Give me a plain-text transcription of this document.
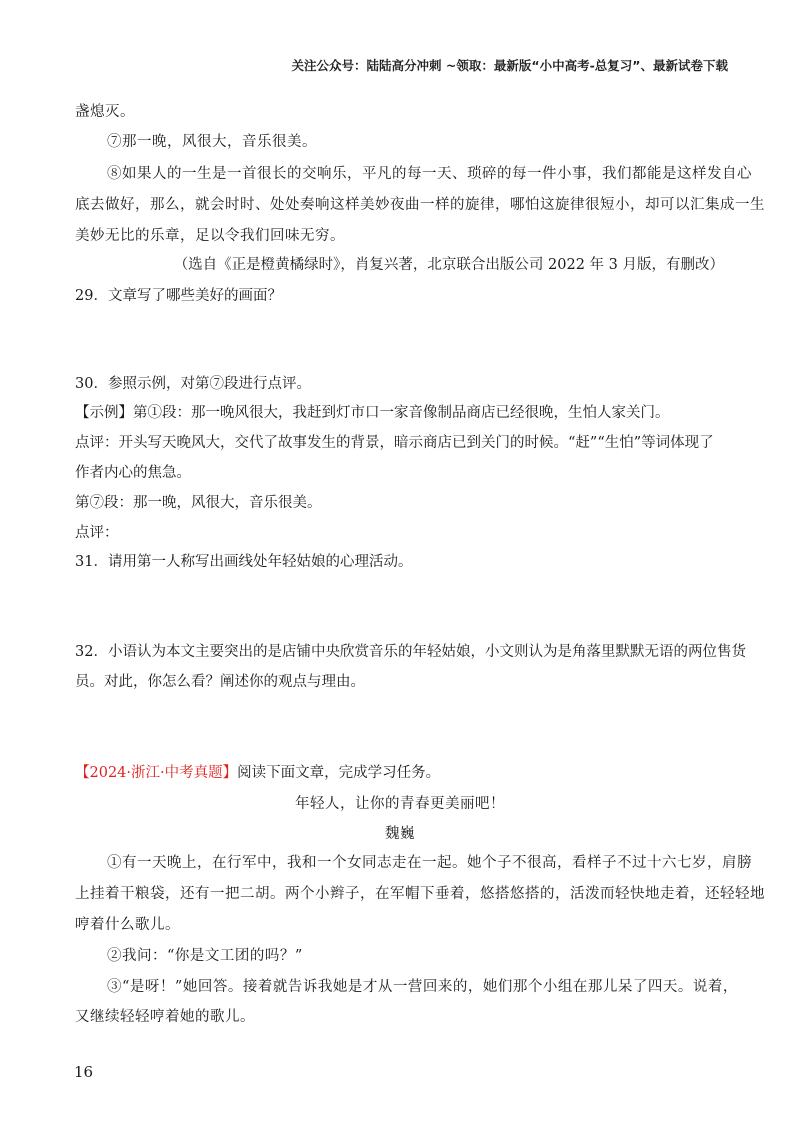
关注公众号：陆陆高分冲刺 ~领取：最新版“小中高考-总复习”、最新试卷下载
盏熄灭。
⑦那一晚，风很大，音乐很美。
⑧如果人的一生是一首很长的交响乐，平凡的每一天、琐碎的每一件小事，我们都能是这样发自心
底去做好，那么，就会时时、处处奏响这样美妙夜曲一样的旋律，哪怕这旋律很短小，却可以汇集成一生
美妙无比的乐章，足以令我们回味无穷。
（选自《正是橙黄橘绿时》，肖复兴著，北京联合出版公司 2022 年 3 月版，有删改）
29．文章写了哪些美好的画面？
30．参照示例，对第⑦段进行点评。
【示例】第①段：那一晚风很大，我赶到灯市口一家音像制品商店已经很晚，生怕人家关门。
点评：开头写天晚风大，交代了故事发生的背景，暗示商店已到关门的时候。“赶”“生怕”等词体现了
作者内心的焦急。
第⑦段：那一晚，风很大，音乐很美。
点评：
31．请用第一人称写出画线处年轻姑娘的心理活动。
32．小语认为本文主要突出的是店铺中央欣赏音乐的年轻姑娘，小文则认为是角落里默默无语的两位售货
员。对此，你怎么看？阐述你的观点与理由。
【2024·浙江·中考真题】阅读下面文章，完成学习任务。
年轻人，让你的青春更美丽吧！
魏巍
①有一天晚上，在行军中，我和一个女同志走在一起。她个子不很高，看样子不过十六七岁，肩膀
上挂着干粮袋，还有一把二胡。两个小辫子，在军帽下垂着，悠搭悠搭的，活泼而轻快地走着，还轻轻地
哼着什么歌儿。
②我问：“你是文工团的吗？”
③“是呀！”她回答。接着就告诉我她是才从一营回来的，她们那个小组在那儿呆了四天。说着，
又继续轻轻哼着她的歌儿。
16
